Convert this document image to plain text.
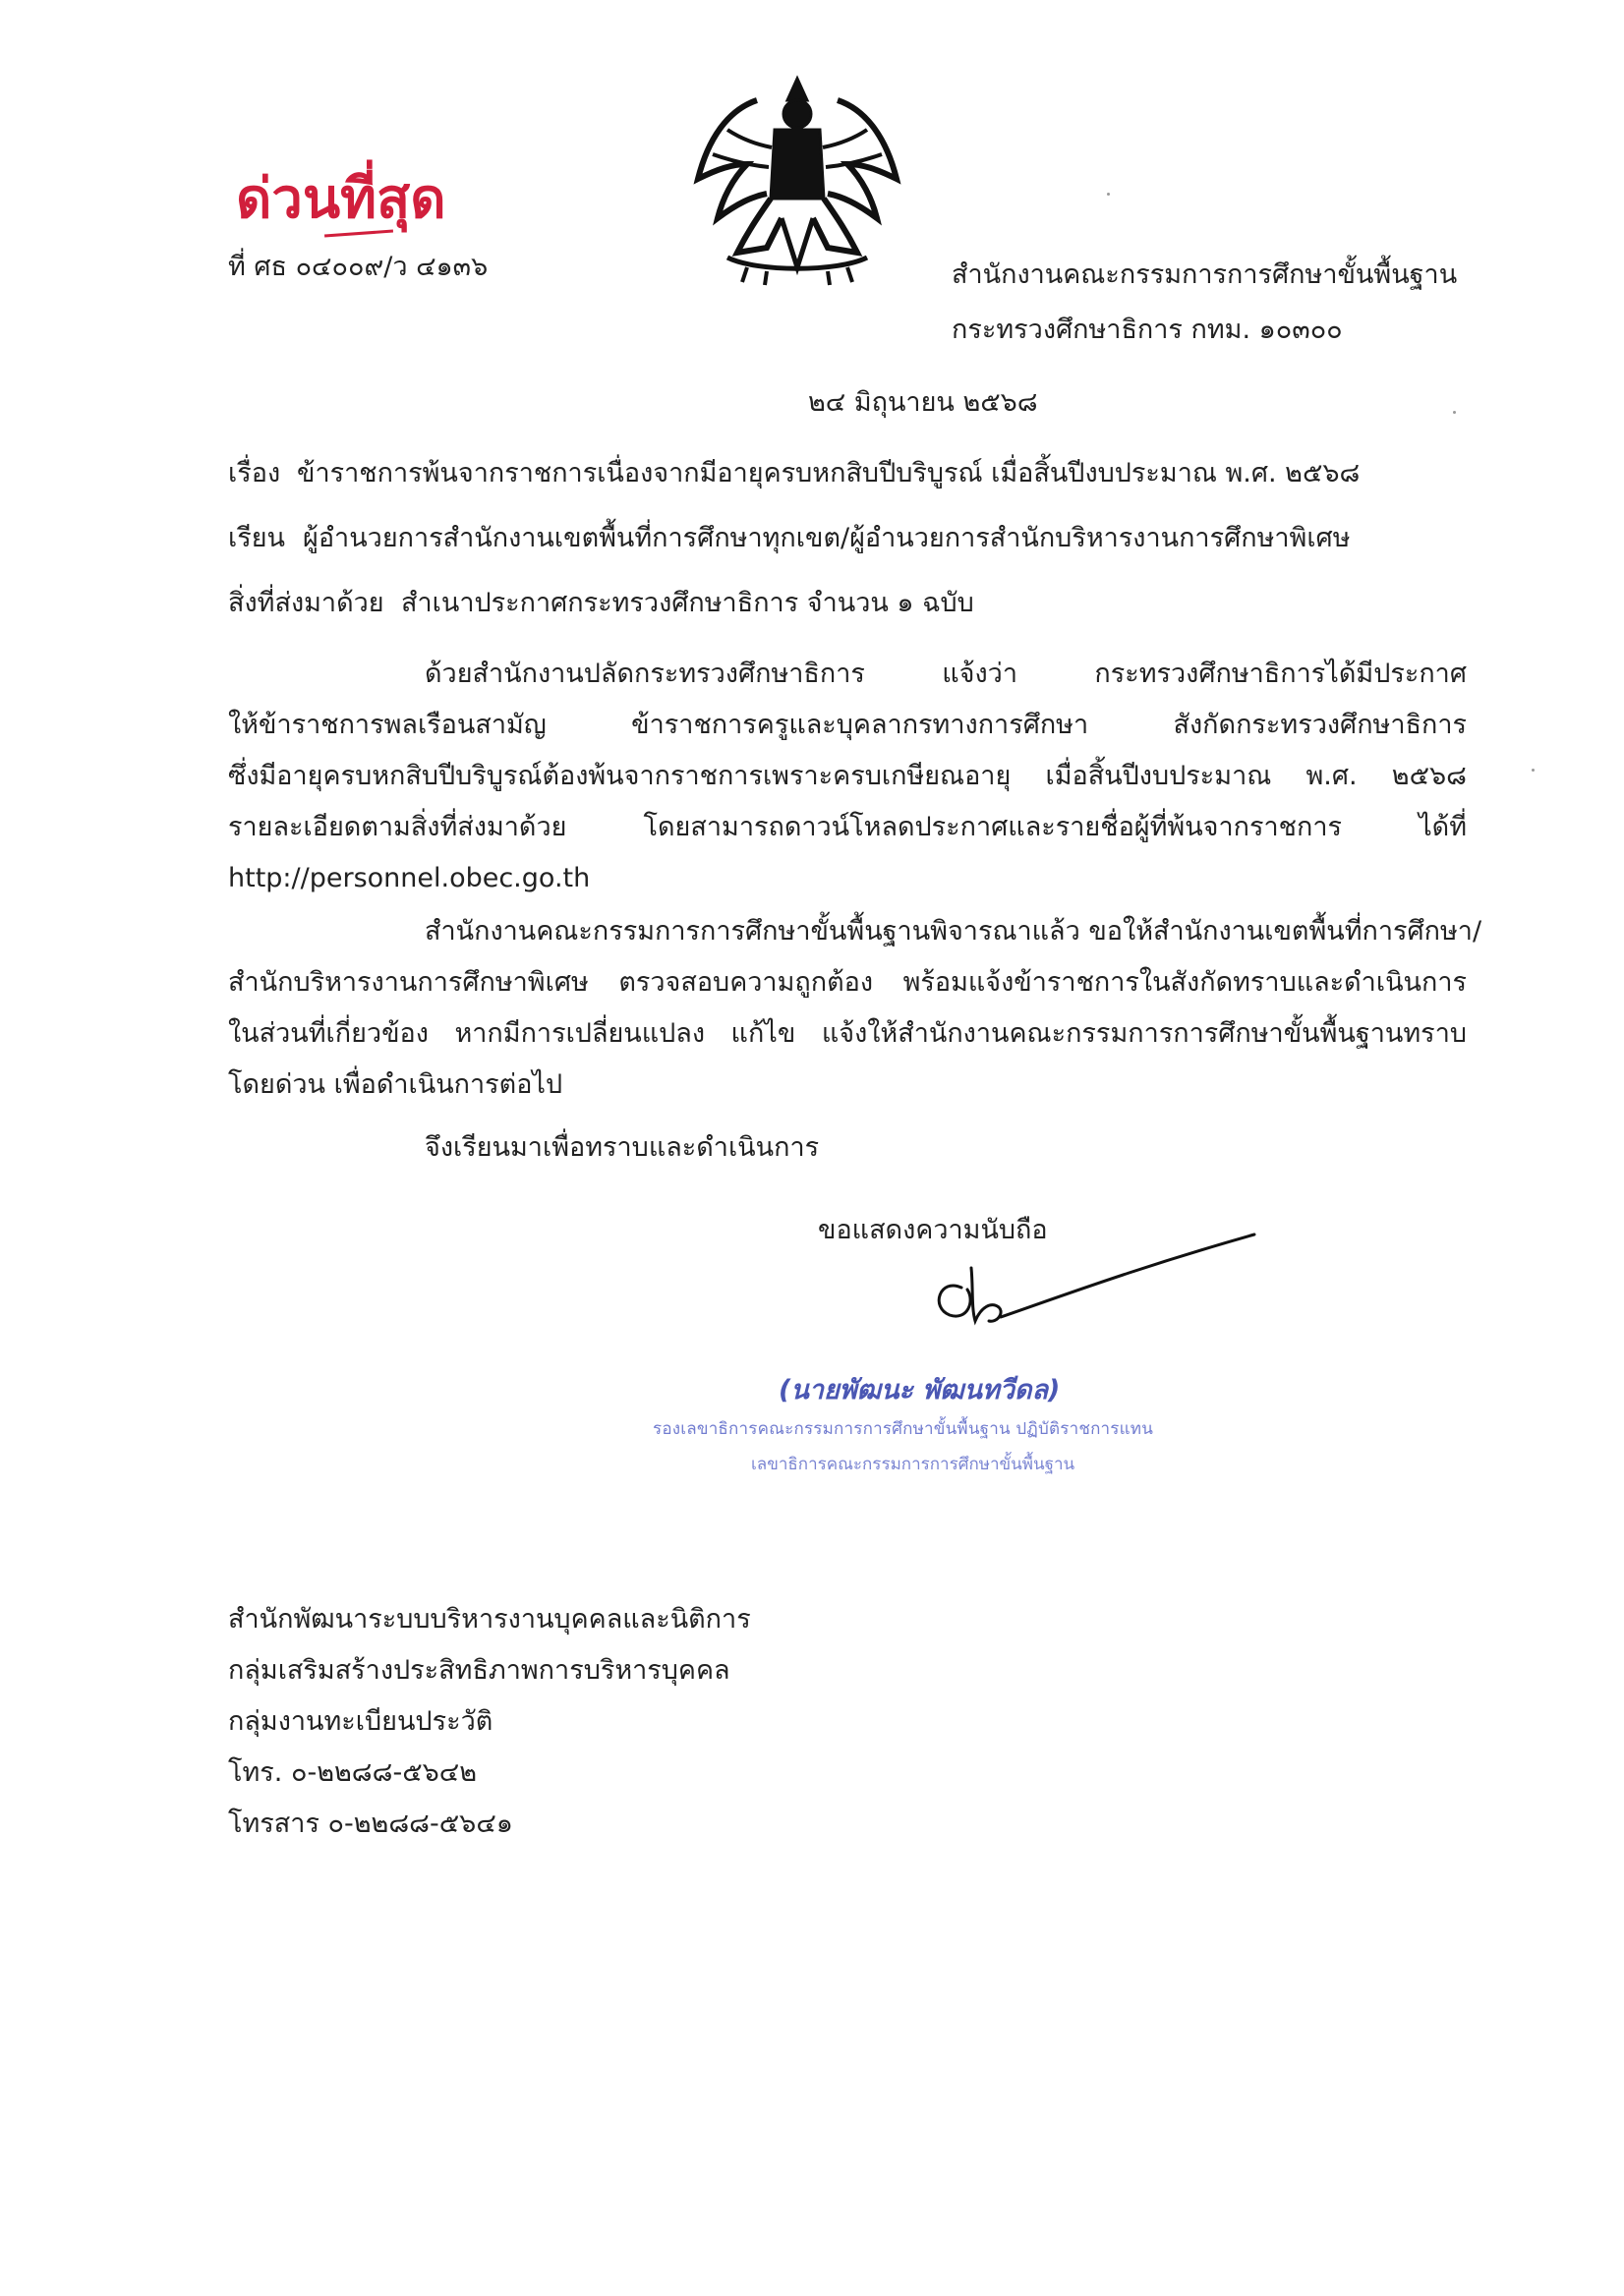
ด่วนที่สุด
ที่ ศธ ๐๔๐๐๙/ว ๔๑๓๖	สำนักงานคณะกรรมการการศึกษาขั้นพื้นฐาน
กระทรวงศึกษาธิการ กทม. ๑๐๓๐๐
๒๔ มิถุนายน ๒๕๖๘
เรื่อง ข้าราชการพ้นจากราชการเนื่องจากมีอายุครบหกสิบปีบริบูรณ์ เมื่อสิ้นปีงบประมาณ พ.ศ. ๒๕๖๘
เรียน ผู้อำนวยการสำนักงานเขตพื้นที่การศึกษาทุกเขต/ผู้อำนวยการสำนักบริหารงานการศึกษาพิเศษ
สิ่งที่ส่งมาด้วย สำเนาประกาศกระทรวงศึกษาธิการ จำนวน ๑ ฉบับ
ด้วยสำนักงานปลัดกระทรวงศึกษาธิการ แจ้งว่า กระทรวงศึกษาธิการได้มีประกาศ
ให้ข้าราชการพลเรือนสามัญ ข้าราชการครูและบุคลากรทางการศึกษา สังกัดกระทรวงศึกษาธิการ
ซึ่งมีอายุครบหกสิบปีบริบูรณ์ต้องพ้นจากราชการเพราะครบเกษียณอายุ เมื่อสิ้นปีงบประมาณ พ.ศ. ๒๕๖๘
รายละเอียดตามสิ่งที่ส่งมาด้วย โดยสามารถดาวน์โหลดประกาศและรายชื่อผู้ที่พ้นจากราชการ ได้ที่
http://personnel.obec.go.th
สำนักงานคณะกรรมการการศึกษาขั้นพื้นฐานพิจารณาแล้ว ขอให้สำนักงานเขตพื้นที่การศึกษา/
สำนักบริหารงานการศึกษาพิเศษ ตรวจสอบความถูกต้อง พร้อมแจ้งข้าราชการในสังกัดทราบและดำเนินการ
ในส่วนที่เกี่ยวข้อง หากมีการเปลี่ยนแปลง แก้ไข แจ้งให้สำนักงานคณะกรรมการการศึกษาขั้นพื้นฐานทราบ
โดยด่วน เพื่อดำเนินการต่อไป
จึงเรียนมาเพื่อทราบและดำเนินการ
ขอแสดงความนับถือ
(นายพัฒนะ พัฒนทวีดล)
รองเลขาธิการคณะกรรมการการศึกษาขั้นพื้นฐาน ปฏิบัติราชการแทน
เลขาธิการคณะกรรมการการศึกษาขั้นพื้นฐาน
สำนักพัฒนาระบบบริหารงานบุคคลและนิติการ
กลุ่มเสริมสร้างประสิทธิภาพการบริหารบุคคล
กลุ่มงานทะเบียนประวัติ
โทร. ๐-๒๒๘๘-๕๖๔๒
โทรสาร ๐-๒๒๘๘-๕๖๔๑
